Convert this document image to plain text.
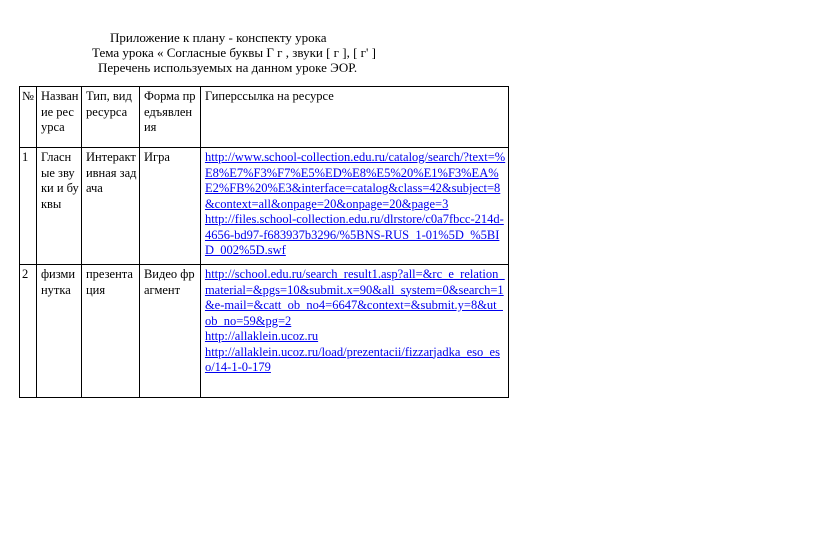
Приложение к плану - конспекту урока
Тема урока « Согласные буквы Г г , звуки [ г ], [ г' ]
Перечень используемых на данном уроке ЭОР.
№	Название ресурса	Тип, вид ресурса	Форма предъявления	Гиперссылка на ресурсе
1	Гласные звуки и буквы	Интерактивная задача	Игра	http://www.school-collection.edu.ru/catalog/search/?text=%E8%E7%F3%F7%E5%ED%E8%E5%20%E1%F3%EA%E2%FB%20%E3&interface=catalog&class=42&subject=8&context=all&onpage=20&onpage=20&page=3
http://files.school-collection.edu.ru/dlrstore/c0a7fbcc-214d-4656-bd97-f683937b3296/%5BNS-RUS_1-01%5D_%5BID_002%5D.swf

2	физминутка	презентация	Видео фрагмент	http://school.edu.ru/search_result1.asp?all=&rc_e_relation_material=&pgs=10&submit.x=90&all_system=0&search=1&e-mail=&catt_ob_no4=6647&context=&submit.y=8&ut_ob_no=59&pg=2
http://allaklein.ucoz.ru
http://allaklein.ucoz.ru/load/prezentacii/fizzarjadka_eso_eso/14-1-0-179
